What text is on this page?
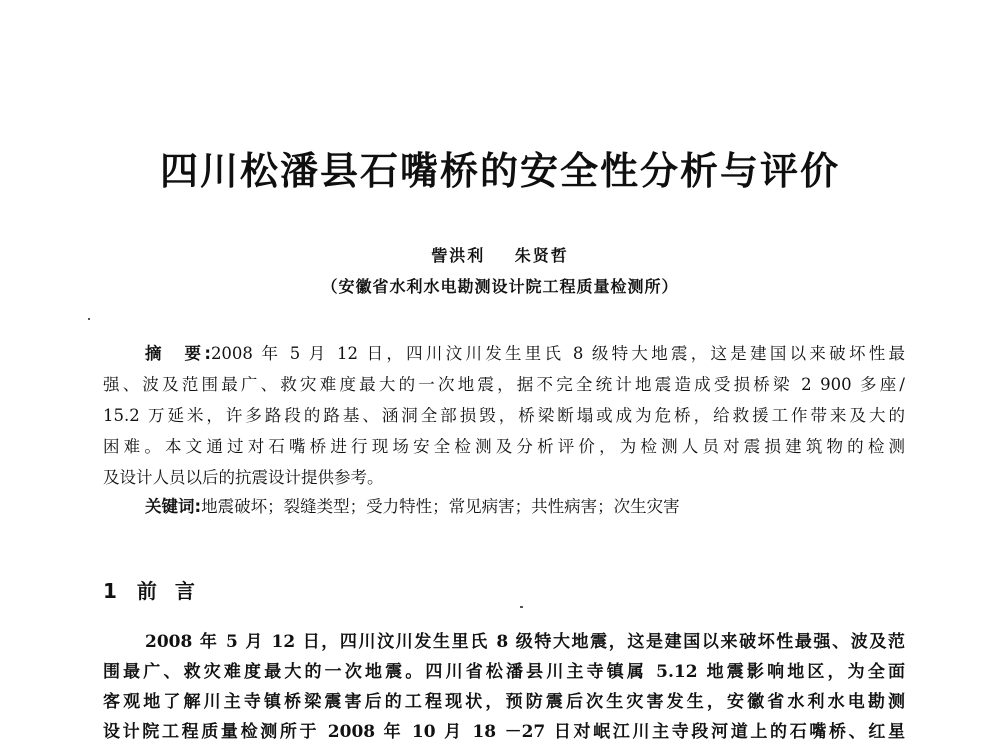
四川松潘县石嘴桥的安全性分析与评价
訾洪利 朱贤哲
（安徽省水利水电勘测设计院工程质量检测所）
摘　要:2008 年 5 月 12 日，四川汶川发生里氏 8 级特大地震，这是建国以来破坏性最
强、波及范围最广、救灾难度最大的一次地震，据不完全统计地震造成受损桥梁 2 900 多座/
15.2 万延米，许多路段的路基、涵洞全部损毁，桥梁断塌或成为危桥，给救援工作带来及大的
困难。本文通过对石嘴桥进行现场安全检测及分析评价，为检测人员对震损建筑物的检测
及设计人员以后的抗震设计提供参考。
关键词:地震破坏；裂缝类型；受力特性；常见病害；共性病害；次生灾害
1 前言
2008 年 5 月 12 日，四川汶川发生里氏 8 级特大地震，这是建国以来破坏性最强、波及范
围最广、救灾难度最大的一次地震。四川省松潘县川主寺镇属 5.12 地震影响地区，为全面
客观地了解川主寺镇桥梁震害后的工程现状，预防震后次生灾害发生，安徽省水利水电勘测
设计院工程质量检测所于 2008 年 10 月 18 －27 日对岷江川主寺段河道上的石嘴桥、红星
